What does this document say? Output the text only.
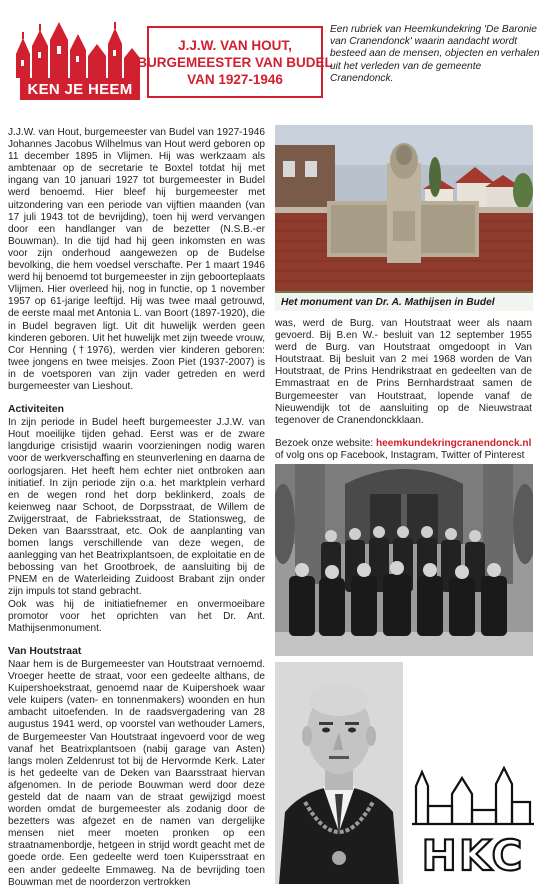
KEN JE HEEM
J.J.W. VAN HOUT,
BURGEMEESTER VAN BUDEL
VAN 1927-1946
Een rubriek van Heemkundekring 'De Baronie van Cranendonck' waarin aandacht wordt besteed aan de mensen, objecten en verhalen uit het verleden van de gemeente Cranendonck.

J.J.W. van Hout, burgemeester van Budel van 1927-1946 Johannes Jacobus Wilhelmus van Hout werd geboren op 11 december 1895 in Vlijmen. Hij was werkzaam als ambtenaar op de secretarie te Boxtel totdat hij met ingang van 10 januari 1927 tot burgemeester in Budel werd benoemd. Hier bleef hij burgemeester met uitzondering van een periode van vijftien maanden (van 17 juli 1943 tot de bevrijding), toen hij werd vervangen door een handlanger van de bezetter (N.S.B.-er Bouwman). In die tijd had hij geen inkomsten en was voor zijn onderhoud aangewezen op de Budelse bevolking, die hem voedsel verschafte. Per 1 maart 1946 werd hij benoemd tot burgemeester in zijn geboorteplaats Vlijmen. Hier overleed hij, nog in functie, op 1 november 1957 op 61-jarige leeftijd. Hij was twee maal getrouwd, de eerste maal met Antonia L. van Boort (1897-1920), die in Budel begraven ligt. Uit dit huwelijk werden geen kinderen geboren. Uit het huwelijk met zijn tweede vrouw, Cor Henning (†1976), werden vier kinderen geboren: twee jongens en twee meisjes. Zoon Piet (1937-2007) is in de voetsporen van zijn vader getreden en werd burgemeester van Lieshout.

Activiteiten

In zijn periode in Budel heeft burgemeester J.J.W. van Hout moeilijke tijden gehad. Eerst was er de zware langdurige crisistijd waarin voorzieningen nodig waren voor de werkverschaffing en steunverlening en daarna de oorlogsjaren. Het heeft hem echter niet ontbroken aan initiatief. In zijn periode zijn o.a. het marktplein verhard en de wegen rond het dorp beklinkerd, zoals de keienweg naar Schoot, de Dorpsstraat, de Willem de Zwijgerstraat, de Fabrieksstraat, de Stationsweg, de Deken van Baarsstraat, etc. Ook de aanplanting van bomen langs verschillende van deze wegen, de aanlegging van het Beatrixplantsoen, de exploitatie en de bebossing van het Grootbroek, de aansluiting bij de PNEM en de Waterleiding Zuidoost Brabant zijn onder zijn impuls tot stand gebracht.

Ook was hij de initiatiefnemer en onvermoeibare promotor voor het oprichten van het Dr. Ant. Mathijsenmonument.

Van Houtstraat

Naar hem is de Burgemeester van Houtstraat vernoemd. Vroeger heette de straat, voor een gedeelte althans, de Kuipershoekstraat, genoemd naar de Kuipershoek waar vele kuipers (vaten- en tonnenmakers) woonden en hun ambacht uitoefenden. In de raadsvergadering van 28 augustus 1941 werd, op voorstel van wethouder Lamers, de Burgemeester Van Houtstraat ingevoerd voor de weg vanaf het Beatrixplantsoen (nabij garage van Asten) langs molen Zeldenrust tot bij de Hervormde Kerk. Later is het gedeelte van de Deken van Baarsstraat hiervan afgenomen. In de periode Bouwman werd door deze gesteld dat de naam van de straat gewijzigd moest worden omdat de burgemeester als zodanig door de bezetters was afgezet en de namen van dergelijke mensen niet meer moeten pronken op een straatnamenbordje, hetgeen in strijd wordt geacht met de goede orde. Een gedeelte werd toen Kuipersstraat en een ander gedeelte Emmaweg. Na de bevrijding toen Bouwman met de noorderzon vertrokken

Het monument van Dr. A. Mathijsen in Budel

was, werd de Burg. van Houtstraat weer als naam gevoerd. Bij B.en W.- besluit van 12 september 1955 werd de Burg. van Houtstraat omgedoopt in Van Houtstraat. Bij besluit van 2 mei 1968 worden de Van Houtstraat, de Prins Hendrikstraat en gedeelten van de Emmastraat en de Prins Bernhardstraat samen de Burgemeester van Houtstraat, lopende vanaf de Nieuwendijk tot de aansluiting op de Nieuwstraat tegenover de Cranendonckklaan.

Bezoek onze website: heemkundekringcranendonck.nl
of volg ons op Facebook, Instagram, Twitter of Pinterest
HKC
